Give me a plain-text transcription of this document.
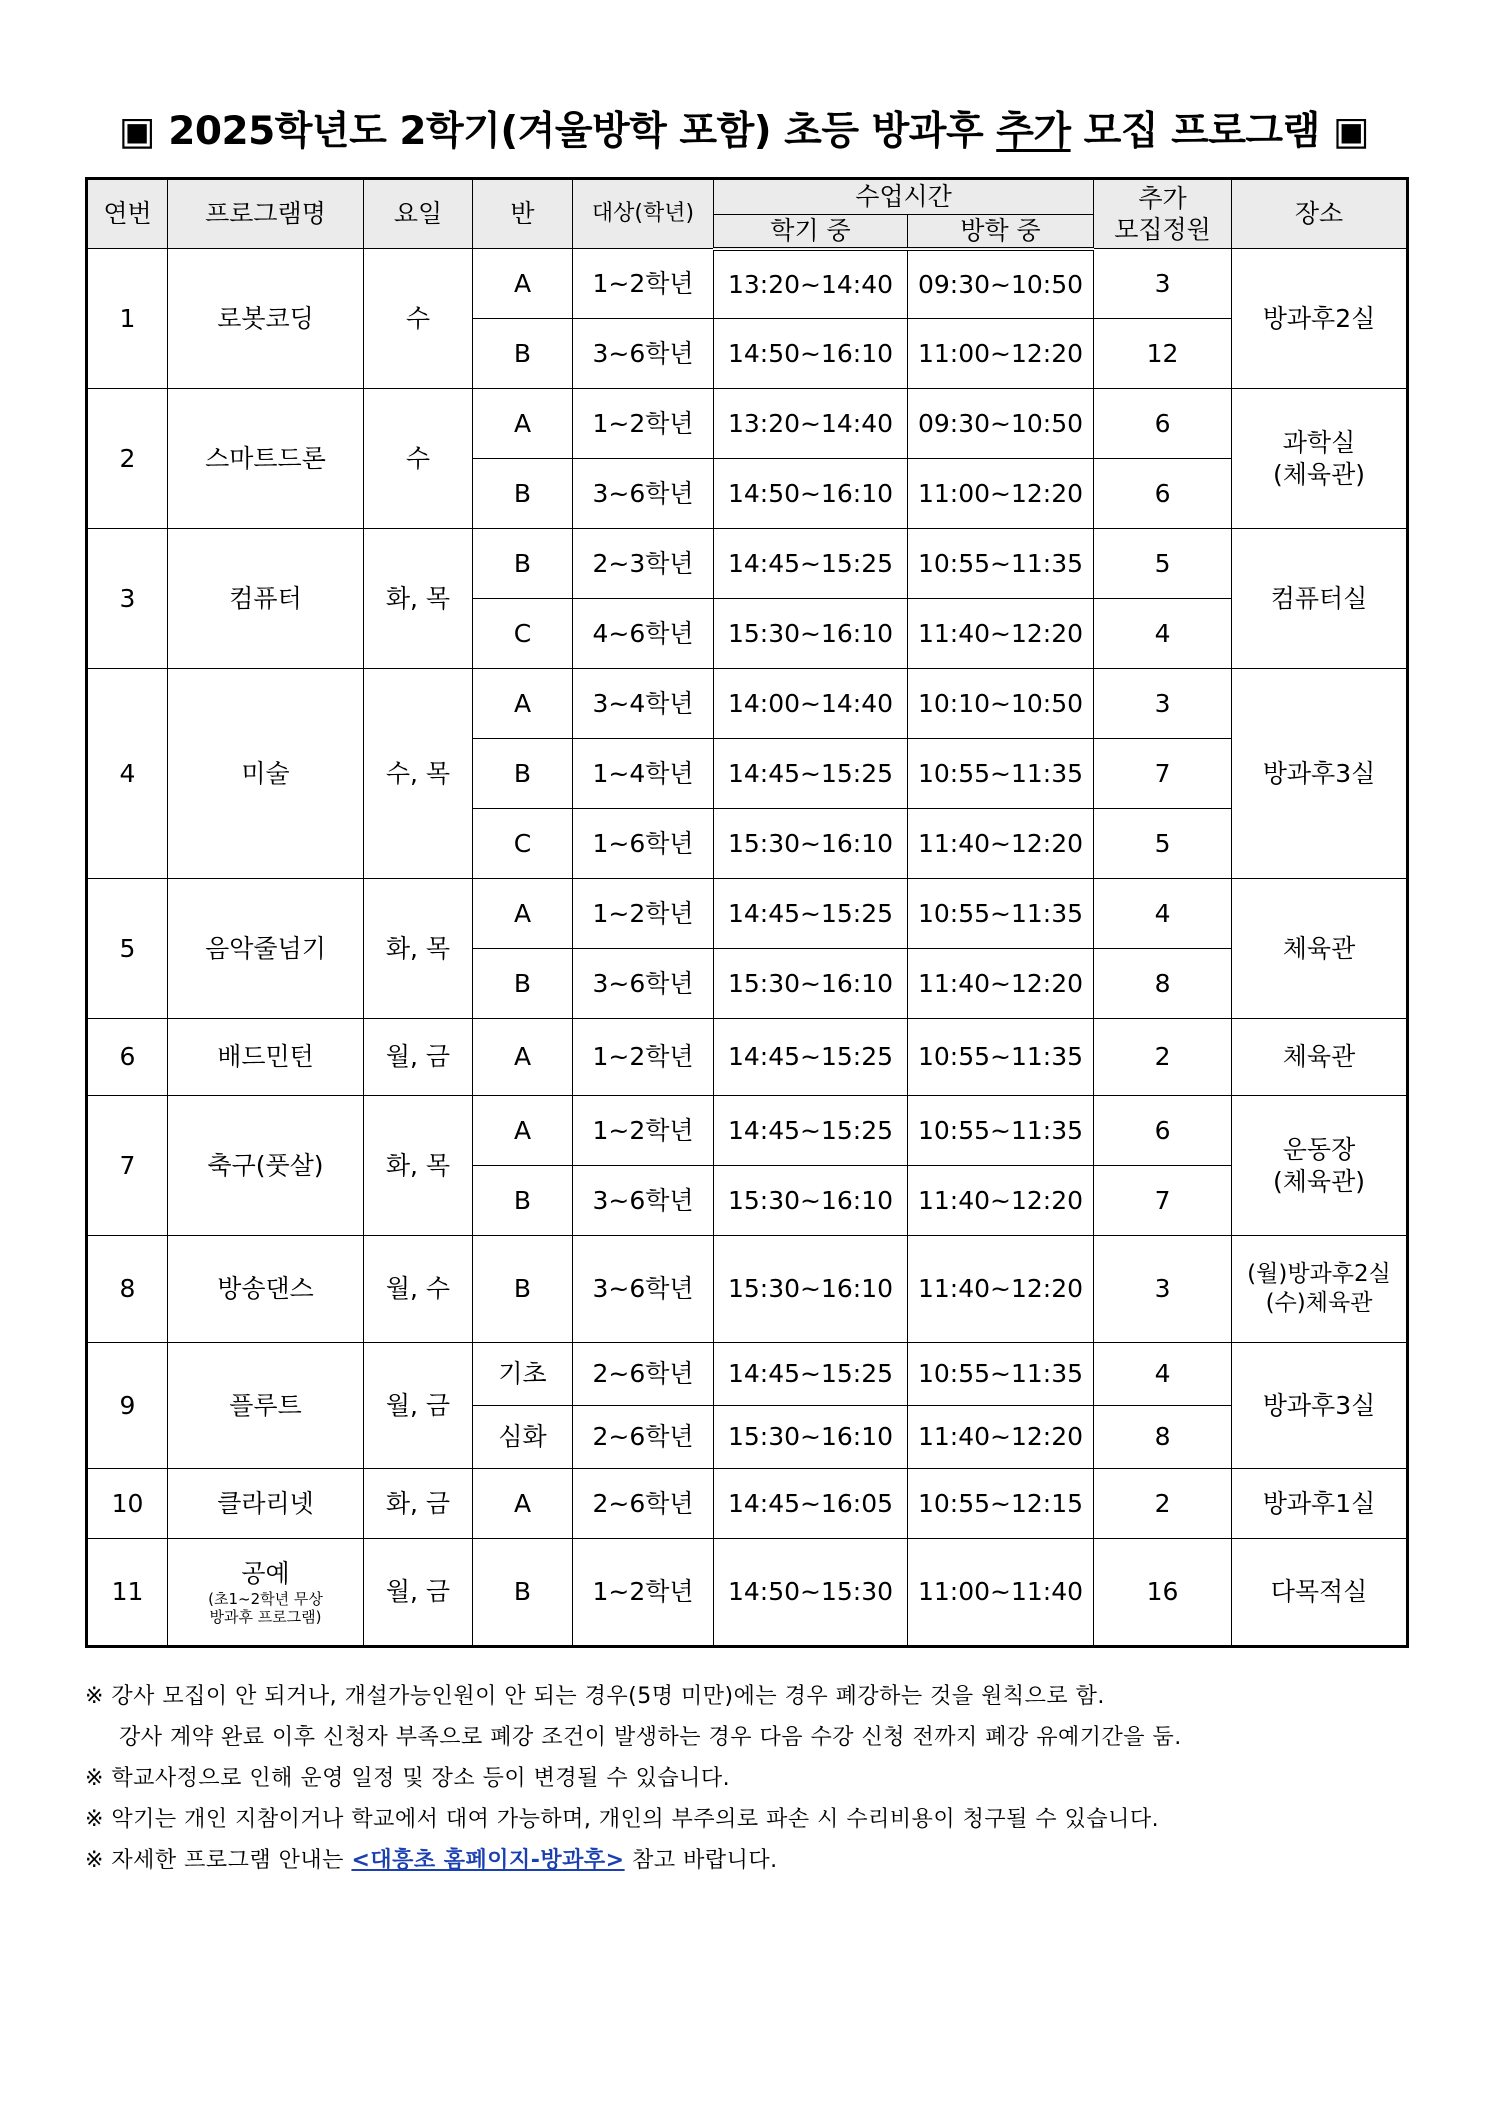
▣ 2025학년도 2학기(겨울방학 포함) 초등 방과후 추가 모집 프로그램 ▣
연번	프로그램명	요일	반	대상(학년)	수업시간		추가
모집정원	장소
					학기 중	방학 중		
1	로봇코딩	수	A	1~2학년	13:20~14:40	09:30~10:50	3	방과후2실
			B	3~6학년	14:50~16:10	11:00~12:20	12	
2	스마트드론	수	A	1~2학년	13:20~14:40	09:30~10:50	6	과학실
(체육관)
			B	3~6학년	14:50~16:10	11:00~12:20	6	
3	컴퓨터	화, 목	B	2~3학년	14:45~15:25	10:55~11:35	5	컴퓨터실
			C	4~6학년	15:30~16:10	11:40~12:20	4	
4	미술	수, 목	A	3~4학년	14:00~14:40	10:10~10:50	3	방과후3실
			B	1~4학년	14:45~15:25	10:55~11:35	7	
			C	1~6학년	15:30~16:10	11:40~12:20	5	
5	음악줄넘기	화, 목	A	1~2학년	14:45~15:25	10:55~11:35	4	체육관
			B	3~6학년	15:30~16:10	11:40~12:20	8	
6	배드민턴	월, 금	A	1~2학년	14:45~15:25	10:55~11:35	2	체육관
7	축구(풋살)	화, 목	A	1~2학년	14:45~15:25	10:55~11:35	6	운동장
(체육관)
			B	3~6학년	15:30~16:10	11:40~12:20	7	
8	방송댄스	월, 수	B	3~6학년	15:30~16:10	11:40~12:20	3	(월)방과후2실
(수)체육관
9	플루트	월, 금	기초	2~6학년	14:45~15:25	10:55~11:35	4	방과후3실
			심화	2~6학년	15:30~16:10	11:40~12:20	8	
10	클라리넷	화, 금	A	2~6학년	14:45~16:05	10:55~12:15	2	방과후1실
11	공예
(초1~2학년 무상
방과후 프로그램)	월, 금	B	1~2학년	14:50~15:30	11:00~11:40	16	다목적실

※ 강사 모집이 안 되거나, 개설가능인원이 안 되는 경우(5명 미만)에는 경우 폐강하는 것을 원칙으로 함.

강사 계약 완료 이후 신청자 부족으로 폐강 조건이 발생하는 경우 다음 수강 신청 전까지 폐강 유예기간을 둠.

※ 학교사정으로 인해 운영 일정 및 장소 등이 변경될 수 있습니다.

※ 악기는 개인 지참이거나 학교에서 대여 가능하며, 개인의 부주의로 파손 시 수리비용이 청구될 수 있습니다.

※ 자세한 프로그램 안내는 <대흥초 홈페이지-방과후> 참고 바랍니다.
